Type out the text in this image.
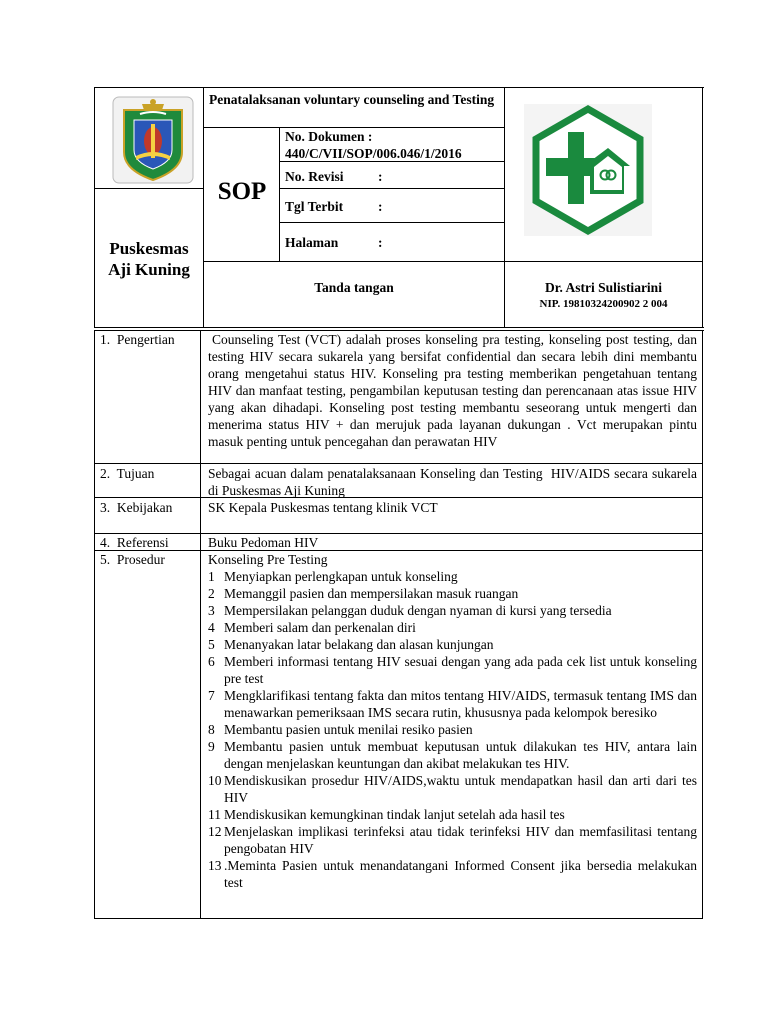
Puskesmas Aji Kuning
Penatalaksanan voluntary counseling and Testing
SOP
No. Dokumen :
440/C/VII/SOP/006.046/1/2016
No. Revisi	:
Tgl Terbit	:
Halaman	:
Tanda tangan	Dr. Astri Sulistiarini
NIP. 19810324200902 2 004
1.  Pengertian	Counseling Test (VCT) adalah proses konseling pra testing, konseling post testing, dan testing HIV secara sukarela yang bersifat confidential dan secara lebih dini membantu orang mengetahui status HIV. Konseling pra testing memberikan pengetahuan tentang HIV dan manfaat testing, pengambilan keputusan testing dan perencanaan atas issue HIV yang akan dihadapi. Konseling post testing membantu seseorang untuk mengerti dan menerima status HIV + dan merujuk pada layanan dukungan . Vct merupakan pintu masuk penting untuk pencegahan dan perawatan HIV
2.  Tujuan	Sebagai acuan dalam penatalaksanaan Konseling dan Testing  HIV/AIDS secara sukarela di Puskesmas Aji Kuning
3.  Kebijakan	SK Kepala Puskesmas tentang klinik VCT
4.  Referensi	Buku Pedoman HIV
5.  Prosedur	Konseling Pre Testing
1 Menyiapkan perlengkapan untuk konseling
2 Memanggil pasien dan mempersilakan masuk ruangan
3 Mempersilakan pelanggan duduk dengan nyaman di kursi yang tersedia
4 Memberi salam dan perkenalan diri
5 Menanyakan latar belakang dan alasan kunjungan
6 Memberi informasi tentang HIV sesuai dengan yang ada pada cek list untuk konseling pre test
7 Mengklarifikasi tentang fakta dan mitos tentang HIV/AIDS, termasuk tentang IMS dan menawarkan pemeriksaan IMS secara rutin, khususnya pada kelompok beresiko
8 Membantu pasien untuk menilai resiko pasien
9 Membantu pasien untuk membuat keputusan untuk dilakukan tes HIV, antara lain dengan menjelaskan keuntungan dan akibat melakukan tes HIV.
10 Mendiskusikan prosedur HIV/AIDS,waktu untuk mendapatkan hasil dan arti dari tes HIV
11 Mendiskusikan kemungkinan tindak lanjut setelah ada hasil tes
12 Menjelaskan implikasi terinfeksi atau tidak terinfeksi HIV dan memfasilitasi tentang pengobatan HIV
13 .Meminta Pasien untuk menandatangani Informed Consent jika bersedia melakukan test
